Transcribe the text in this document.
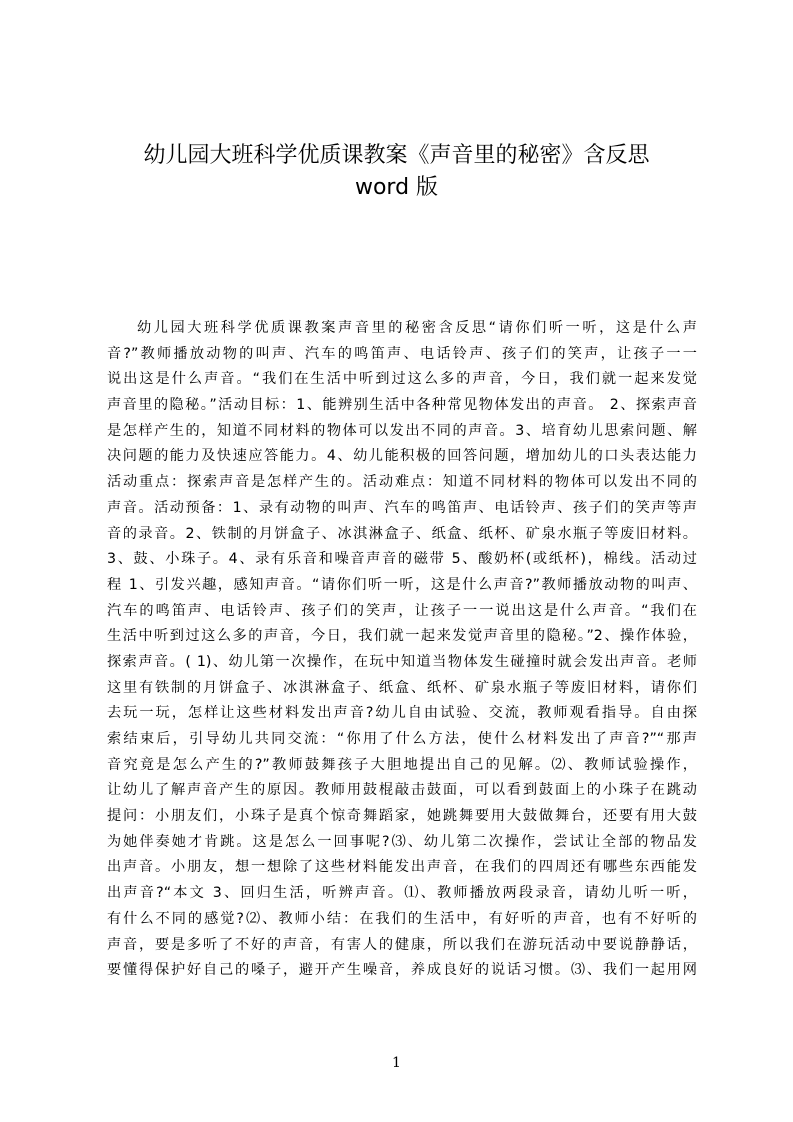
幼儿园大班科学优质课教案《声音里的秘密》含反思
word 版
幼儿园大班科学优质课教案声音里的秘密含反思“请你们听一听，这是什么声
音?”教师播放动物的叫声、汽车的鸣笛声、电话铃声、孩子们的笑声，让孩子一一
说出这是什么声音。“我们在生活中听到过这么多的声音，今日，我们就一起来发觉
声音里的隐秘。”活动目标：1、能辨别生活中各种常见物体发出的声音。 2、探索声音
是怎样产生的，知道不同材料的物体可以发出不同的声音。3、培育幼儿思索问题、解
决问题的能力及快速应答能力。4、幼儿能积极的回答问题，增加幼儿的口头表达能力
活动重点：探索声音是怎样产生的。活动难点：知道不同材料的物体可以发出不同的
声音。活动预备：1、录有动物的叫声、汽车的鸣笛声、电话铃声、孩子们的笑声等声
音的录音。2、铁制的月饼盒子、冰淇淋盒子、纸盒、纸杯、矿泉水瓶子等废旧材料。
3、鼓、小珠子。4、录有乐音和噪音声音的磁带 5、酸奶杯(或纸杯)，棉线。活动过
程 1、引发兴趣，感知声音。“请你们听一听，这是什么声音?”教师播放动物的叫声、
汽车的鸣笛声、电话铃声、孩子们的笑声，让孩子一一说出这是什么声音。“我们在
生活中听到过这么多的声音，今日，我们就一起来发觉声音里的隐秘。”2、操作体验，
探索声音。( 1)、幼儿第一次操作，在玩中知道当物体发生碰撞时就会发出声音。老师
这里有铁制的月饼盒子、冰淇淋盒子、纸盒、纸杯、矿泉水瓶子等废旧材料，请你们
去玩一玩，怎样让这些材料发出声音?幼儿自由试验、交流，教师观看指导。自由探
索结束后，引导幼儿共同交流：“你用了什么方法，使什么材料发出了声音?”“那声
音究竟是怎么产生的?”教师鼓舞孩子大胆地提出自己的见解。⑵、教师试验操作，
让幼儿了解声音产生的原因。教师用鼓棍敲击鼓面，可以看到鼓面上的小珠子在跳动
提问：小朋友们，小珠子是真个惊奇舞蹈家，她跳舞要用大鼓做舞台，还要有用大鼓
为她伴奏她才肯跳。这是怎么一回事呢?⑶、幼儿第二次操作，尝试让全部的物品发
出声音。小朋友，想一想除了这些材料能发出声音，在我们的四周还有哪些东西能发
出声音?“本文 3、回归生活，听辨声音。⑴、教师播放两段录音，请幼儿听一听，
有什么不同的感觉?⑵、教师小结：在我们的生活中，有好听的声音，也有不好听的
声音，要是多听了不好的声音，有害人的健康，所以我们在游玩活动中要说静静话，
要懂得保护好自己的嗓子，避开产生噪音，养成良好的说话习惯。⑶、我们一起用网
1
